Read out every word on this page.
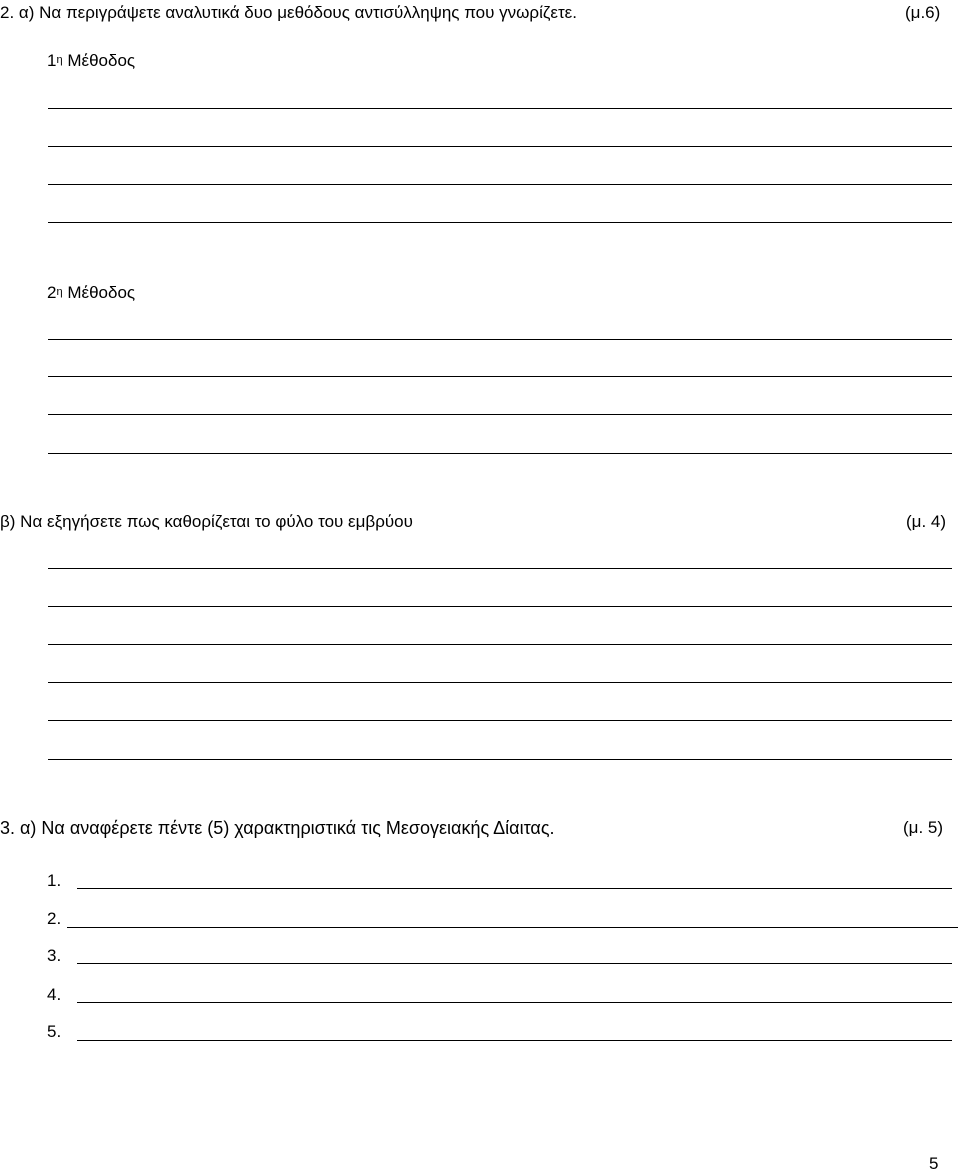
2. α) Να περιγράψετε αναλυτικά δυο μεθόδους αντισύλληψης που γνωρίζετε.	(μ.6)
$1^\eta$ Μέθοδος
$2^\eta$ Μέθοδος
β) Να εξηγήσετε πως καθορίζεται το φύλο του εμβρύου	(μ. 4)
3. α) Να αναφέρετε πέντε (5) χαρακτηριστικά τις Μεσογειακής Δίαιτας.	(μ. 5)
1.
2.
3.
4.
5.
5
